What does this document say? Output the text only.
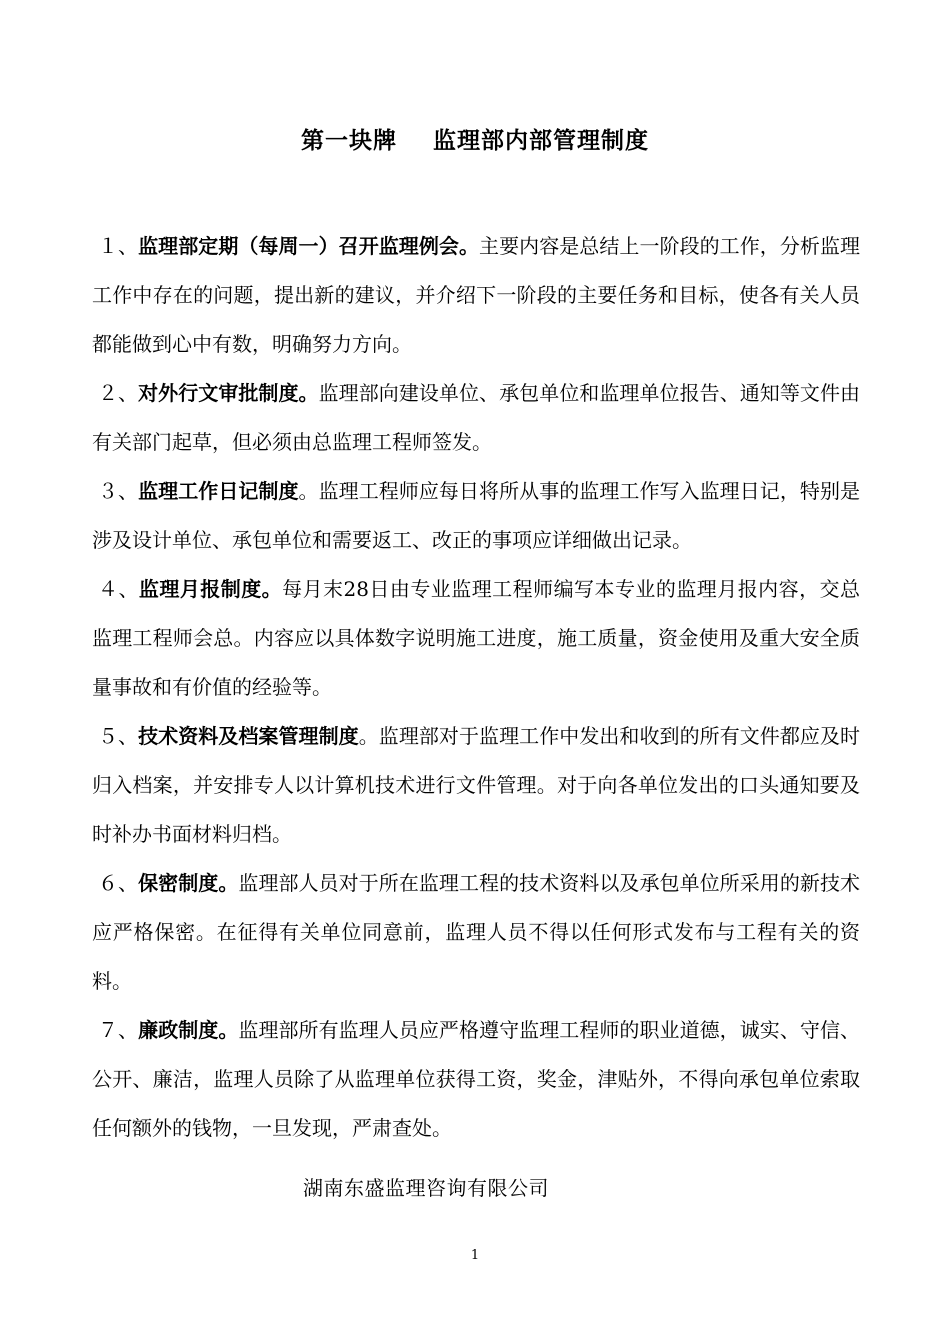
第一块牌    监理部内部管理制度

１、监理部定期（每周一）召开监理例会。主要内容是总结上一阶段的工作，分析监理工作中存在的问题，提出新的建议，并介绍下一阶段的主要任务和目标，使各有关人员都能做到心中有数，明确努力方向。

２、对外行文审批制度。监理部向建设单位、承包单位和监理单位报告、通知等文件由有关部门起草，但必须由总监理工程师签发。

３、监理工作日记制度。监理工程师应每日将所从事的监理工作写入监理日记，特别是涉及设计单位、承包单位和需要返工、改正的事项应详细做出记录。

４、监理月报制度。每月末28日由专业监理工程师编写本专业的监理月报内容，交总监理工程师会总。内容应以具体数字说明施工进度，施工质量，资金使用及重大安全质量事故和有价值的经验等。

５、技术资料及档案管理制度。监理部对于监理工作中发出和收到的所有文件都应及时归入档案，并安排专人以计算机技术进行文件管理。对于向各单位发出的口头通知要及时补办书面材料归档。

６、保密制度。监理部人员对于所在监理工程的技术资料以及承包单位所采用的新技术应严格保密。在征得有关单位同意前，监理人员不得以任何形式发布与工程有关的资料。

７、廉政制度。监理部所有监理人员应严格遵守监理工程师的职业道德，诚实、守信、公开、廉洁，监理人员除了从监理单位获得工资，奖金，津贴外，不得向承包单位索取任何额外的钱物，一旦发现，严肃查处。

湖南东盛监理咨询有限公司
1
